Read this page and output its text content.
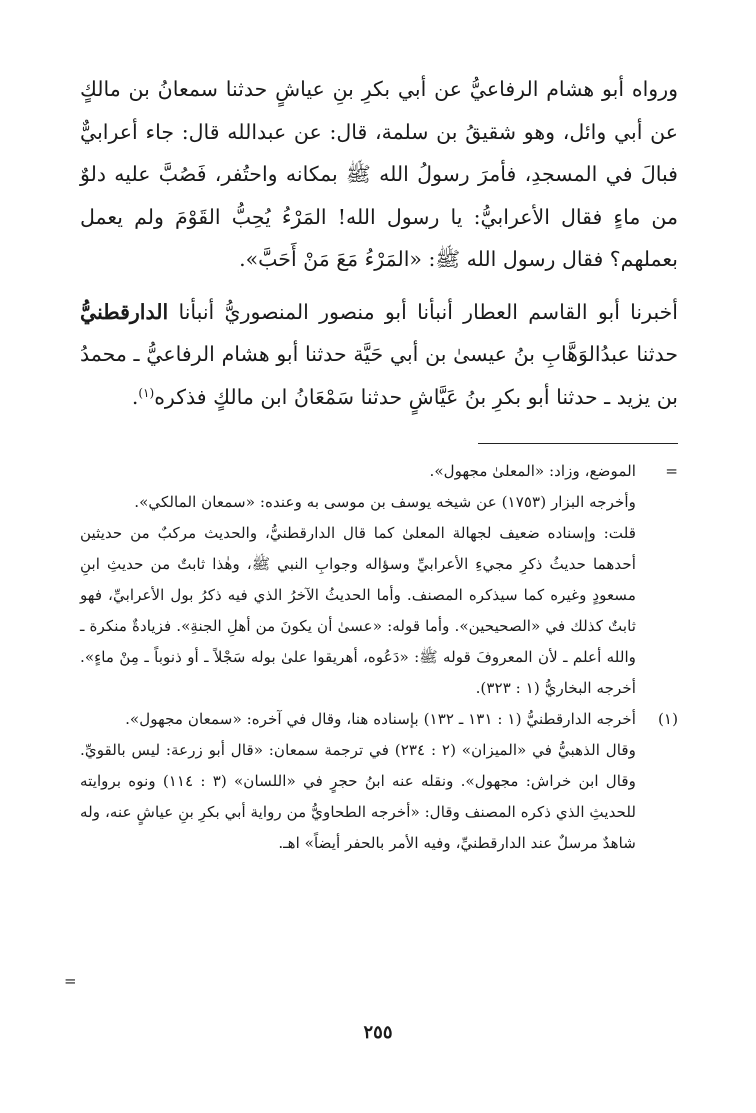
ورواه أبو هشام الرفاعيُّ عن أبي بكرِ بنِ عياشٍ حدثنا سمعانُ بن مالكٍ عن أبي وائل، وهو شقيقُ بن سلمة، قال: عن عبدالله قال: جاء أعرابيٌّ فبالَ في المسجدِ، فأمرَ رسولُ الله ﷺ بمكانه واحتُفر، فَصُبَّ عليه دلوٌ من ماءٍ فقال الأعرابيُّ: يا رسول الله! المَرْءُ يُحِبُّ القَوْمَ ولم يعمل بعملهم؟ فقال رسول الله ﷺ: «المَرْءُ مَعَ مَنْ أَحَبَّ».

أخبرنا أبو القاسم العطار أنبأنا أبو منصور المنصوريُّ أنبأنا الدارقطنيُّ حدثنا عبدُالوَهَّابِ بنُ عيسىٰ بن أبي حَيَّة حدثنا أبو هشام الرفاعيُّ ـ محمدُ بن يزيد ـ حدثنا أبو بكرِ بنُ عَيَّاشٍ حدثنا سَمْعَانُ ابن مالكٍ فذكره$^{(١)}$.

=

الموضع، وزاد: «المعلىٰ مجهول».

وأخرجه البزار (١٧٥٣) عن شيخه يوسف بن موسى به وعنده: «سمعان المالكي».

قلت: وإسناده ضعيف لجهالة المعلىٰ كما قال الدارقطنيُّ، والحديث مركبٌ من حديثين أحدهما حديثُ ذكرِ مجيءِ الأعرابيِّ وسؤاله وجوابِ النبي ﷺ، وهٰذا ثابتٌ من حديثِ ابنِ مسعودٍ وغيره كما سيذكره المصنف. وأما الحديثُ الآخرُ الذي فيه ذكرُ بول الأعرابيِّ، فهو ثابتٌ كذلك في «الصحيحين». وأما قوله: «عسىٰ أن يكونَ من أهلِ الجنةِ». فزيادةٌ منكرة ـ والله أعلم ـ لأن المعروفَ قوله ﷺ: «دَعُوه، أهريقوا علىٰ بوله سَجْلاً ـ أو ذنوباً ـ مِنْ ماءٍ». أخرجه البخاريُّ (١ : ٣٢٣).

(١)

أخرجه الدارقطنيُّ (١ : ١٣١ ـ ١٣٢) بإسناده هنا، وقال في آخره: «سمعان مجهول».

وقال الذهبيُّ في «الميزان» (٢ : ٢٣٤) في ترجمة سمعان: «قال أبو زرعة: ليس بالقويِّ. وقال ابن خراش: مجهول». ونقله عنه ابنُ حجرٍ في «اللسان» (٣ : ١١٤) ونوه بروايته للحديثِ الذي ذكره المصنف وقال: «أخرجه الطحاويُّ من رواية أبي بكرِ بنِ عياشٍ عنه، وله شاهدٌ مرسلٌ عند الدارقطنيِّ، وفيه الأمر بالحفر أيضاً» اهـ.

=
٢٥٥
